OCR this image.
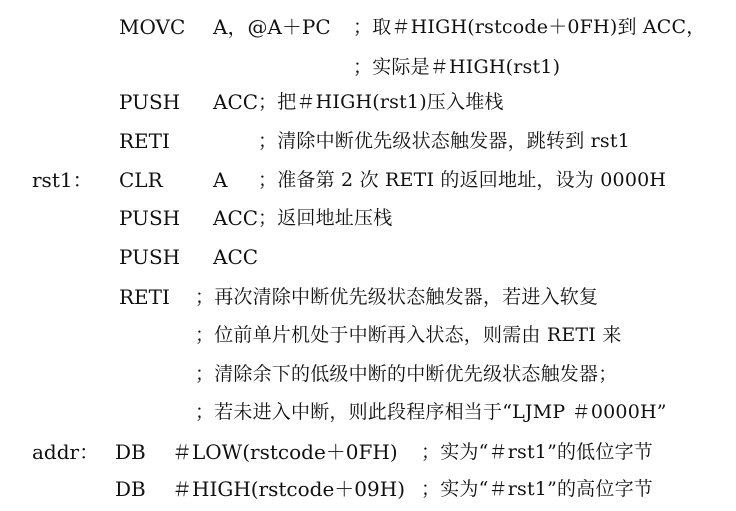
MOVC A，@A＋PC ；取＃HIGH(rstcode＋0FH)到 ACC，
；实际是＃HIGH(rst1)
PUSH ACC ；把＃HIGH(rst1)压入堆栈
RETI	；清除中断优先级状态触发器，跳转到 rst1
rst1： CLR	A ；准备第 2 次 RETI 的返回地址，设为 0000H
PUSH ACC ；返回地址压栈
PUSH ACC
RETI ；再次清除中断优先级状态触发器，若进入软复
；位前单片机处于中断再入状态，则需由 RETI 来
；清除余下的低级中断的中断优先级状态触发器；
；若未进入中断，则此段程序相当于“LJMP ＃0000H”
addr： DB ＃LOW(rstcode＋0FH) ；实为“＃rst1”的低位字节
DB ＃HIGH(rstcode＋09H) ；实为“＃rst1”的高位字节
